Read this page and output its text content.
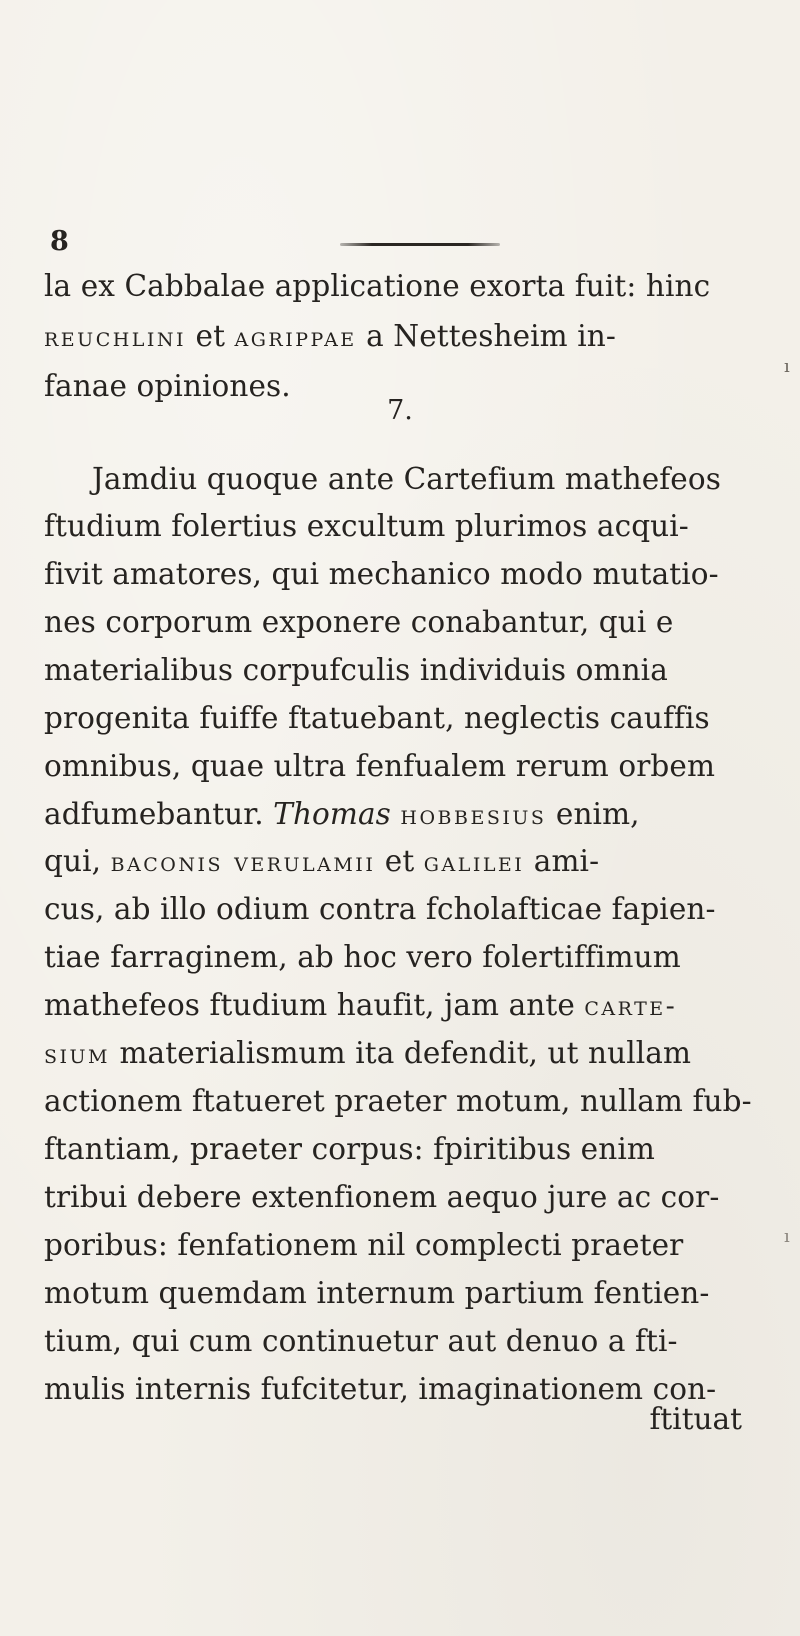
8
la ex Cabbalae applicatione exorta fuit: hinc
reuchlini et agrippae a Nettesheim in-
fanae opiniones.
7.
Jamdiu quoque ante Cartefium mathefeos
ftudium folertius excultum plurimos acqui-
fivit amatores, qui mechanico modo mutatio-
nes corporum exponere conabantur, qui e
materialibus corpufculis individuis omnia
progenita fuiffe ftatuebant, neglectis cauffis
omnibus, quae ultra fenfualem rerum orbem
adfumebantur. Thomas hobbesius enim,
qui, baconis verulamii et galilei ami-
cus, ab illo odium contra fcholafticae fapien-
tiae farraginem, ab hoc vero folertiffimum
mathefeos ftudium haufit, jam ante carte-
sium materialismum ita defendit, ut nullam
actionem ftatueret praeter motum, nullam fub-
ftantiam, praeter corpus: fpiritibus enim
tribui debere extenfionem aequo jure ac cor-
poribus: fenfationem nil complecti praeter
motum quemdam internum partium fentien-
tium, qui cum continuetur aut denuo a fti-
mulis internis fufcitetur, imaginationem con-
ftituat
ı
ı
